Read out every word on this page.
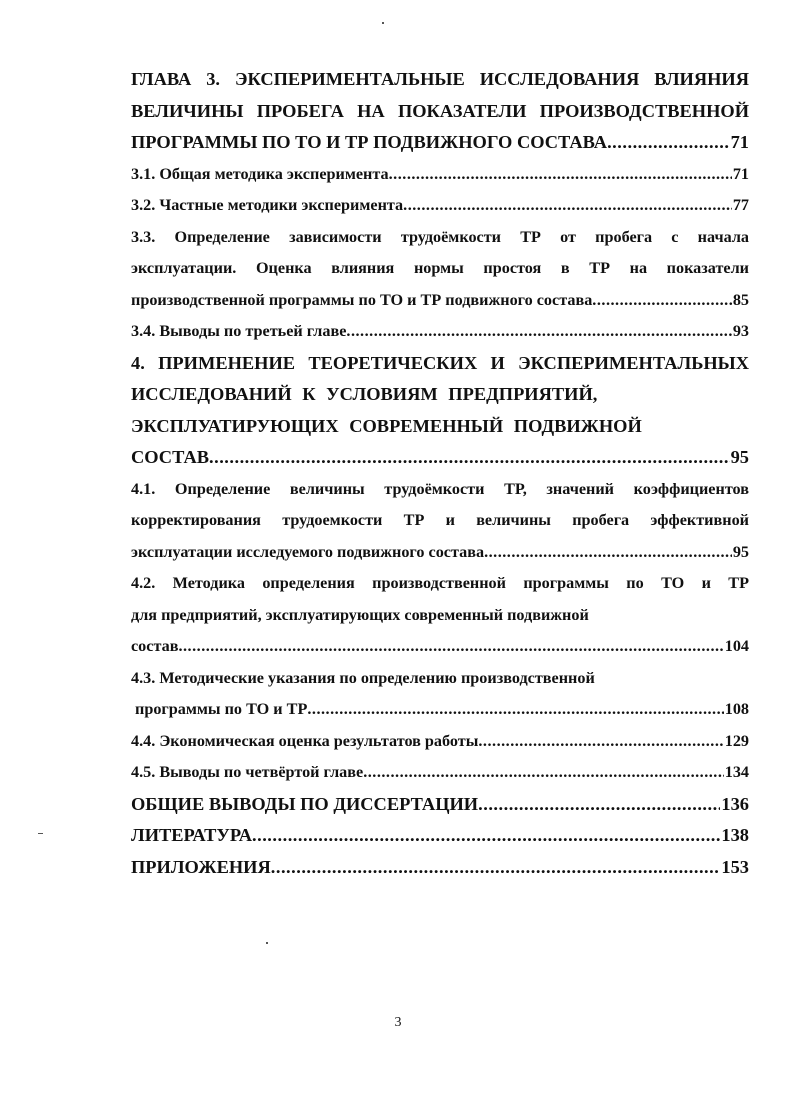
ГЛАВА 3. ЭКСПЕРИМЕНТАЛЬНЫЕ ИССЛЕДОВАНИЯ ВЛИЯНИЯ
ВЕЛИЧИНЫ ПРОБЕГА НА ПОКАЗАТЕЛИ ПРОИЗВОДСТВЕННОЙ
ПРОГРАММЫ ПО ТО И ТР ПОДВИЖНОГО СОСТАВА .....	71
3.1. Общая методика эксперимента .....	71
3.2. Частные методики эксперимента .....	77
3.3. Определение зависимости трудоёмкости ТР от пробега с начала
эксплуатации. Оценка влияния нормы простоя в ТР на показатели
производственной программы по ТО и ТР подвижного состава .....	85
3.4. Выводы по третьей главе .....	93
4. ПРИМЕНЕНИЕ ТЕОРЕТИЧЕСКИХ И ЭКСПЕРИМЕНТАЛЬНЫХ
ИССЛЕДОВАНИЙ К УСЛОВИЯМ ПРЕДПРИЯТИЙ,
ЭКСПЛУАТИРУЮЩИХ СОВРЕМЕННЫЙ ПОДВИЖНОЙ
СОСТАВ .....	95
4.1. Определение величины трудоёмкости ТР, значений коэффициентов
корректирования трудоемкости ТР и величины пробега эффективной
эксплуатации исследуемого подвижного состава .....	95
4.2. Методика определения производственной программы по ТО и ТР
для предприятий, эксплуатирующих современный подвижной
состав .....	104
4.3. Методические указания по определению производственной
программы по ТО и ТР .....	108
4.4. Экономическая оценка результатов работы .....	129
4.5. Выводы по четвёртой главе .....	134
ОБЩИЕ ВЫВОДЫ ПО ДИССЕРТАЦИИ .....	136
ЛИТЕРАТУРА .....	138
ПРИЛОЖЕНИЯ .....	153
3
